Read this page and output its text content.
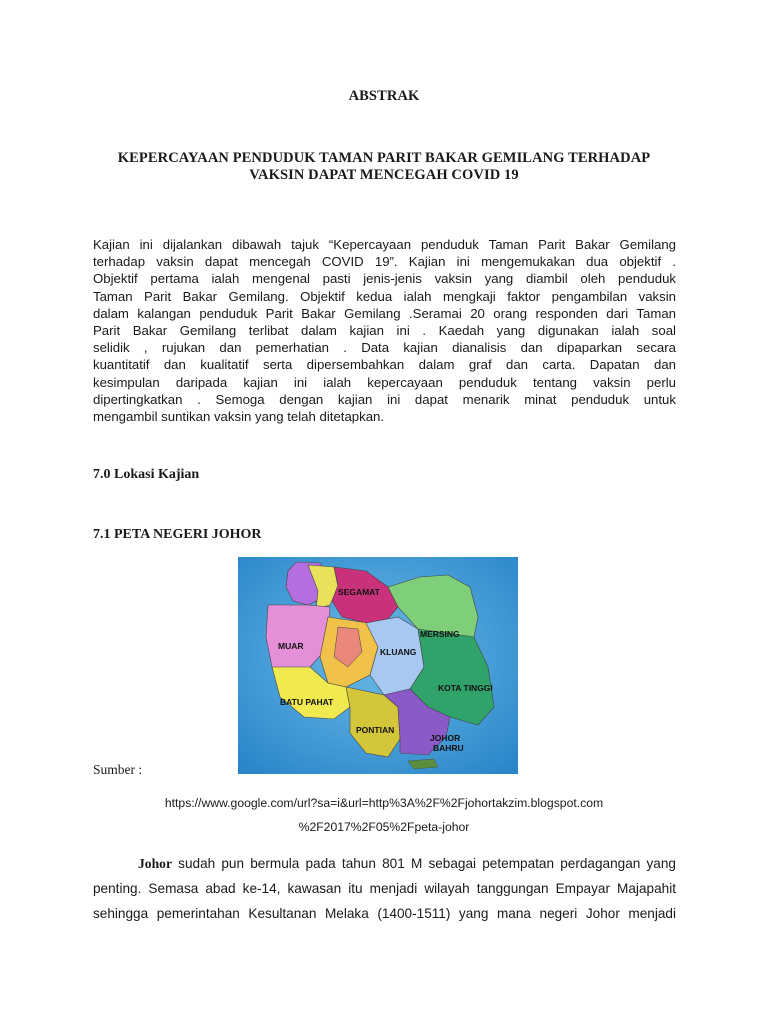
ABSTRAK
KEPERCAYAAN PENDUDUK TAMAN PARIT BAKAR GEMILANG TERHADAP
VAKSIN DAPAT MENCEGAH COVID 19
Kajian ini dijalankan dibawah tajuk “Kepercayaan penduduk Taman Parit Bakar Gemilang
terhadap vaksin dapat mencegah COVID 19”. Kajian ini mengemukakan dua objektif .
Objektif pertama ialah mengenal pasti jenis-jenis vaksin yang diambil oleh penduduk
Taman Parit Bakar Gemilang. Objektif kedua ialah mengkaji faktor pengambilan vaksin
dalam kalangan penduduk Parit Bakar Gemilang .Seramai 20 orang responden dari Taman
Parit Bakar Gemilang terlibat dalam kajian ini . Kaedah yang digunakan ialah soal
selidik , rujukan dan pemerhatian . Data kajian dianalisis dan dipaparkan secara
kuantitatif dan kualitatif serta dipersembahkan dalam graf dan carta. Dapatan dan
kesimpulan daripada kajian ini ialah kepercayaan penduduk tentang vaksin perlu
dipertingkatkan . Semoga dengan kajian ini dapat menarik minat penduduk untuk
mengambil suntikan vaksin yang telah ditetapkan.
7.0 Lokasi Kajian
7.1 PETA NEGERI JOHOR
SEGAMAT
MERSING
MUAR
KLUANG
KOTA TINGGI
BATU PAHAT
PONTIAN
JOHOR
BAHRU
Sumber :
https://www.google.com/url?sa=i&url=http%3A%2F%2Fjohortakzim.blogspot.com
%2F2017%2F05%2Fpeta-johor
Johor sudah pun bermula pada tahun 801 M sebagai petempatan perdagangan yang
penting. Semasa abad ke-14, kawasan itu menjadi wilayah tanggungan Empayar Majapahit
sehingga pemerintahan Kesultanan Melaka (1400-1511) yang mana negeri Johor menjadi
